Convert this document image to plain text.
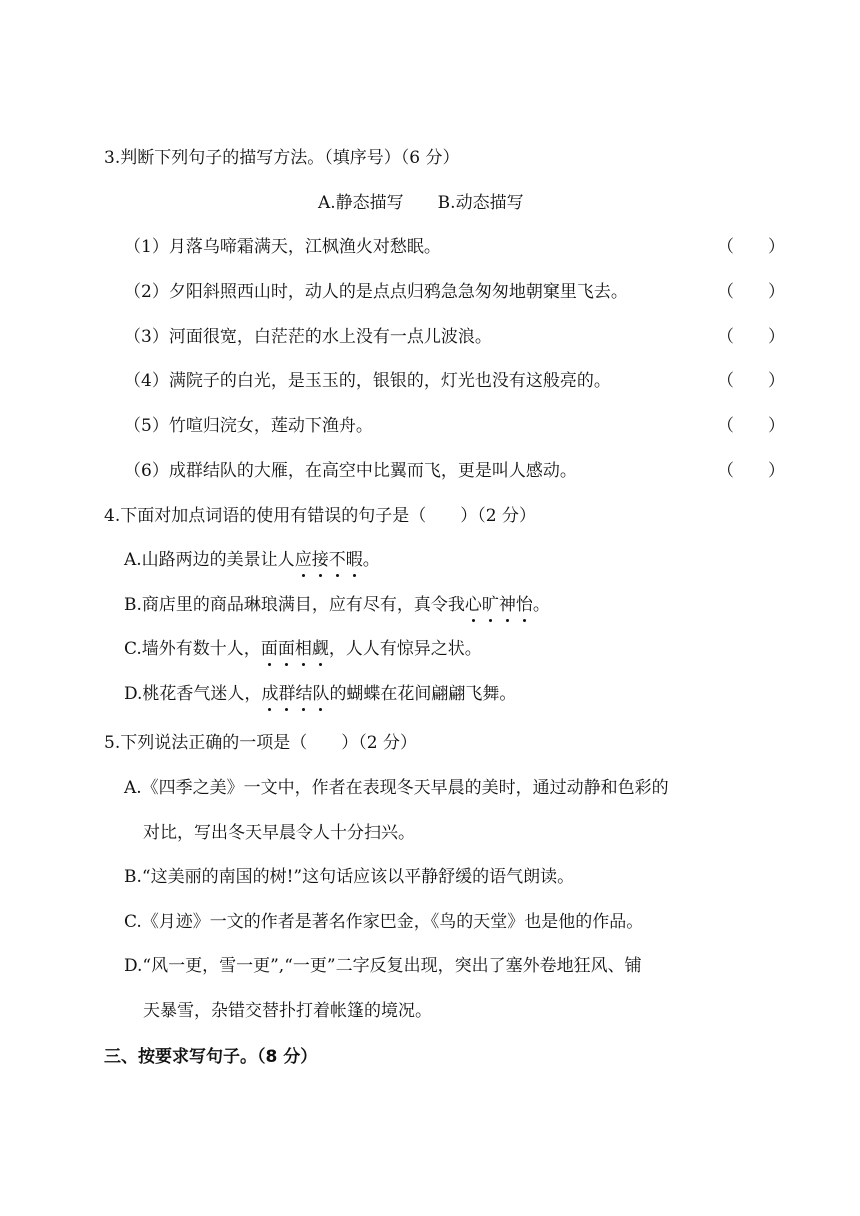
3.判断下列句子的描写方法。（填序号）（6 分）
A.静态描写　　B.动态描写
（1）月落乌啼霜满天，江枫渔火对愁眠。	（　　）
（2）夕阳斜照西山时，动人的是点点归鸦急急匆匆地朝窠里飞去。	（　　）
（3）河面很宽，白茫茫的水上没有一点儿波浪。	（　　）
（4）满院子的白光，是玉玉的，银银的，灯光也没有这般亮的。	（　　）
（5）竹喧归浣女，莲动下渔舟。	（　　）
（6）成群结队的大雁，在高空中比翼而飞，更是叫人感动。	（　　）
4.下面对加点词语的使用有错误的句子是（　　）（2 分）
A.山路两边的美景让人应接不暇。
B.商店里的商品琳琅满目，应有尽有，真令我心旷神怡。
C.墙外有数十人，面面相觑，人人有惊异之状。
D.桃花香气迷人，成群结队的蝴蝶在花间翩翩飞舞。
5.下列说法正确的一项是（　　）（2 分）
A.《四季之美》一文中，作者在表现冬天早晨的美时，通过动静和色彩的
对比，写出冬天早晨令人十分扫兴。
B.“这美丽的南国的树!”这句话应该以平静舒缓的语气朗读。
C.《月迹》一文的作者是著名作家巴金，《鸟的天堂》也是他的作品。
D.“风一更，雪一更”,“一更”二字反复出现，突出了塞外卷地狂风、铺
天暴雪，杂错交替扑打着帐篷的境况。
三、按要求写句子。（8 分）
